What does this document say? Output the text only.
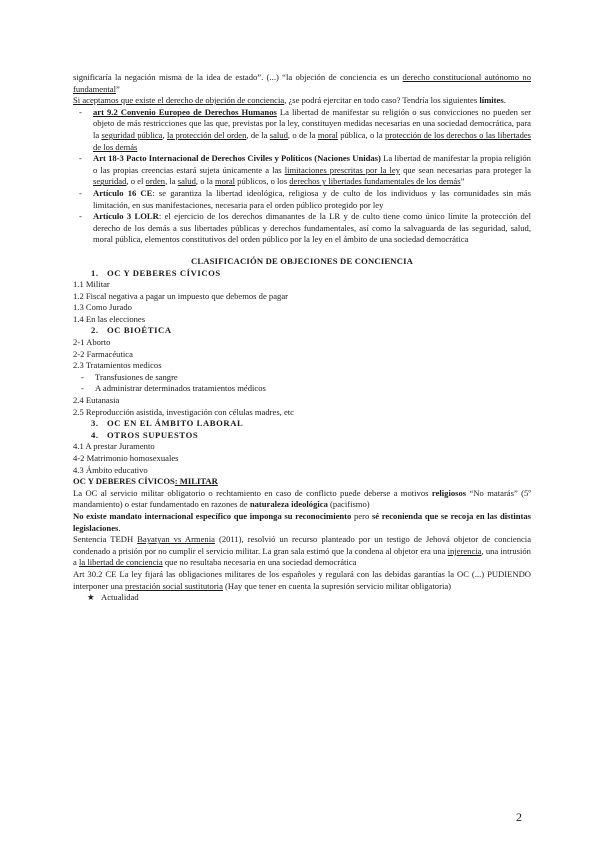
significaría la negación misma de la idea de estado”. (...) “la objeción de conciencia es un derecho constitucional autónomo no fundamental”

Si aceptamos que existe el derecho de objeción de conciencia, ¿se podrá ejercitar en todo caso? Tendría los siguientes límites.

- art 9.2 Convenio Europeo de Derechos Humanos La libertad de manifestar su religión o sus convicciones no pueden ser objeto de más restricciones que las que, previstas por la ley, constituyen medidas necesarias en una sociedad democrática, para la seguridad pública, la protección del orden, de la salud, o de la moral pública, o la protección de los derechos o las libertades de los demás
- Art 18-3 Pacto Internacional de Derechos Civiles y Políticos (Naciones Unidas) La libertad de manifestar la propia religión o las propias creencias estará sujeta únicamente a las limitaciones prescritas por la ley que sean necesarias para proteger la seguridad, o el orden, la salud, o la moral públicos, o los derechos y libertades fundamentales de los demás”
- Artículo 16 CE: se garantiza la libertad ideológica, religiosa y de culto de los individuos y las comunidades sin más limitación, en sus manifestaciones, necesaria para el orden público protegido por ley
- Artículo 3 LOLR: el ejercicio de los derechos dimanantes de la LR y de culto tiene como único límite la protección del derecho de los demás a sus libertades públicas y derechos fundamentales, así como la salvaguarda de las seguridad, salud, moral pública, elementos constitutivos del orden público por la ley en el ámbito de una sociedad democrática

CLASIFICACIÓN DE OBJECIONES DE CONCIENCIA

1. OC Y DEBERES CÍVICOS
1.1 Militar
1.2 Fiscal negativa a pagar un impuesto que debemos de pagar
1.3 Como Jurado
1.4 En las elecciones
2. OC BIOÉTICA
2-1 Aborto
2-2 Farmacéutica
2.3 Tratamientos medicos
- Transfusiones de sangre
- A administrar determinados tratamientos médicos
2.4 Eutanasia
2.5 Reproducción asistida, investigación con células madres, etc
3. OC EN EL ÁMBITO LABORAL
4. OTROS SUPUESTOS
4.1 A prestar Juramento
4-2 Matrimonio homosexuales
4.3 Ámbito educativo

OC Y DEBERES CÍVICOS: MILITAR

La OC al servicio militar obligatorio o rechtamiento en caso de conflicto puede deberse a motivos religiosos “No matarás” (5º mandamiento) o estar fundamentado en razones de naturaleza ideológica (pacifismo)

No existe mandato internacional específico que imponga su reconocimiento pero sé reconienda que se recoja en las distintas legislaciones.

Sentencia TEDH Bayatyan vs Armenia (2011), resolvió un recurso planteado por un testigo de Jehová objetor de conciencia condenado a prisión por no cumplir el servicio militar. La gran sala estimó que la condena al objetor era una injerencia, una intrusión a la libertad de conciencia que no resultaba necesaria en una sociedad democrática

Art 30.2 CE La ley fijará las obligaciones militares de los españoles y regulará con las debidas garantías la OC (...) PUDIENDO interponer una prestación social sustitutoria (Hay que tener en cuenta la supresión servicio militar obligatoria)

★ Actualidad
2
